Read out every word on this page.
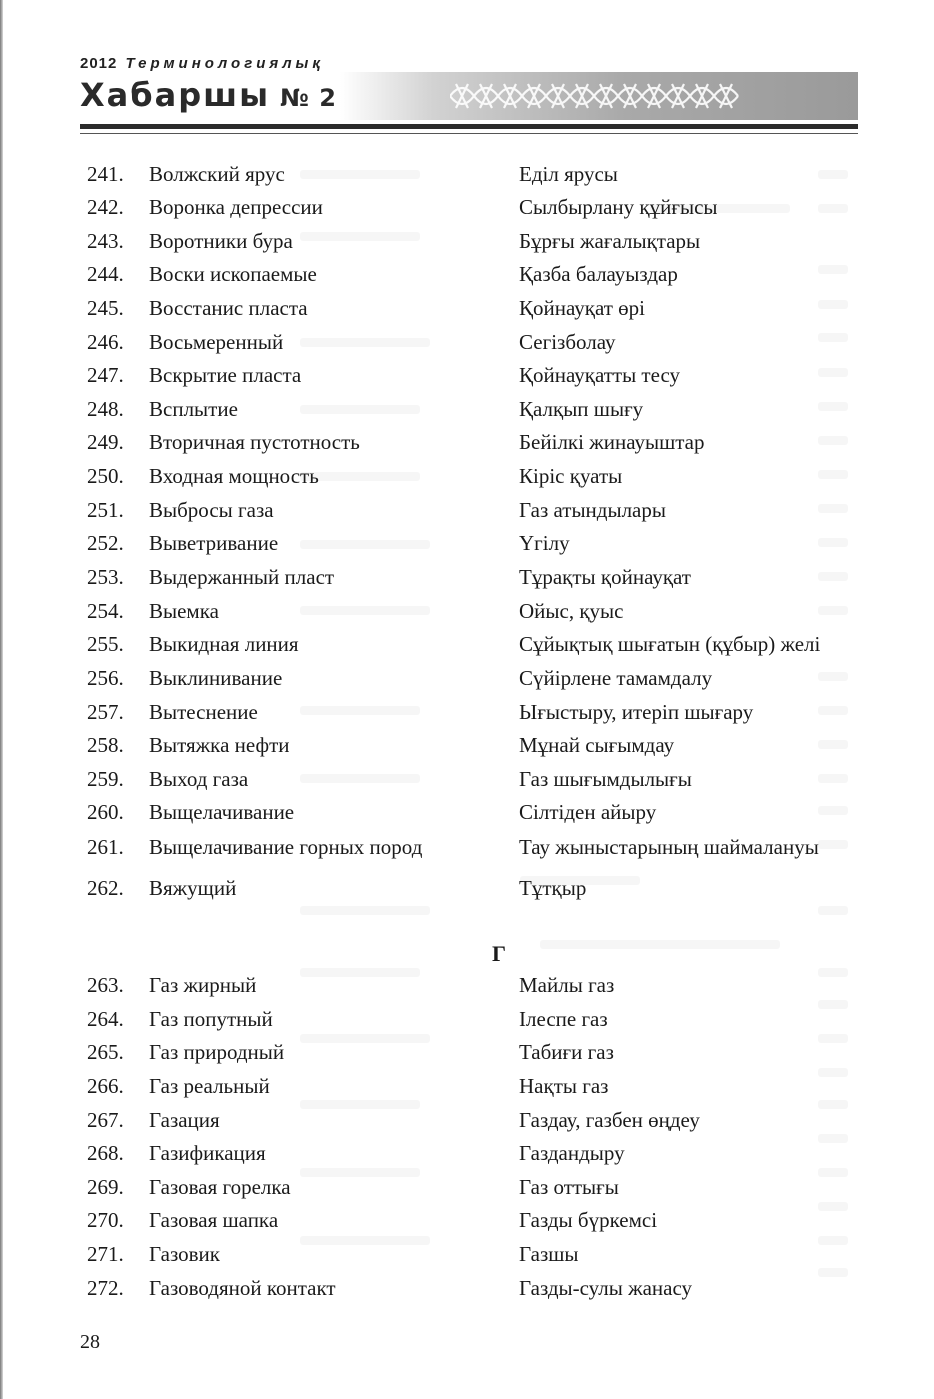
2012 Терминологиялық
Хабаршы № 2
241.	Волжский ярус	Еділ ярусы
242.	Воронка депрессии	Сылбырлану құйғысы
243.	Воротники бура	Бұрғы жағалықтары
244.	Воски ископаемые	Қазба балауыздар
245.	Восстанис пласта	Қойнауқат өрі
246.	Восьмеренный	Сегізболау
247.	Вскрытие пласта	Қойнауқатты тесу
248.	Всплытие	Қалқып шығу
249.	Вторичная пустотность	Бейілкі жинауыштар
250.	Входная мощность	Кіріс қуаты
251.	Выбросы газа	Газ атындылары
252.	Выветривание	Үгілу
253.	Выдержанный пласт	Тұрақты қойнауқат
254.	Выемка	Ойыс, қуыс
255.	Выкидная линия	Сұйықтық шығатын (құбыр) желі
256.	Выклинивание	Сүйірлене тамамдалу
257.	Вытеснение	Ығыстыру, итеріп шығару
258.	Вытяжка нефти	Мұнай сығымдау
259.	Выход газа	Газ шығымдылығы
260.	Выщелачивание	Сілтіден айыру
261.	Выщелачивание горных пород	Тау жыныстарының шаймалануы
262.	Вяжущий	Тұтқыр
Г
263.	Газ жирный	Майлы газ
264.	Газ попутный	Ілеспе газ
265.	Газ природный	Табиғи газ
266.	Газ реальный	Нақты газ
267.	Газация	Газдау, газбен өңдеу
268.	Газификация	Газдандыру
269.	Газовая горелка	Газ оттығы
270.	Газовая шапка	Газды бүркемсі
271.	Газовик	Газшы
272.	Газоводяной контакт	Газды-сулы жанасу
28
